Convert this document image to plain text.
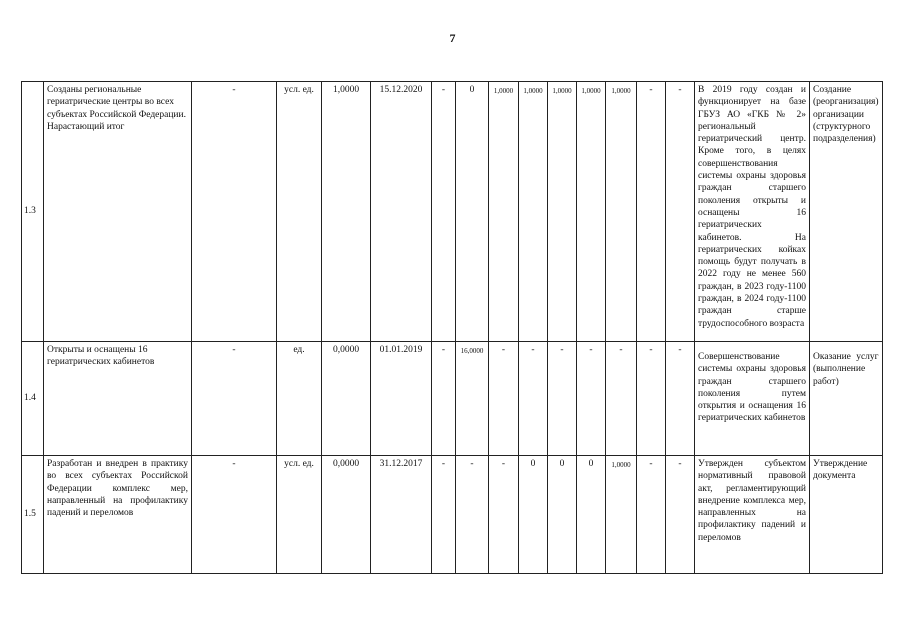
7
1.3	Созданы региональные гериатрические центры во всех субъектах Российской Федерации. Нарастающий итог	-	усл. ед.	1,0000	15.12.2020	-	0	1,0000	1,0000	1,0000	1,0000	1,0000	-	-	В 2019 году создан и функционирует на базе ГБУЗ АО «ГКБ № 2» региональный гериатрический центр. Кроме того, в целях совершенствования системы охраны здоровья граждан старшего поколения открыты и оснащены 16 гериатрических кабинетов. На гериатрических койках помощь будут получать в 2022 году не менее 560 граждан, в 2023 году-1100 граждан, в 2024 году-1100 граждан старше трудоспособного возраста	Создание (реорганизация) организации (структурного подразделения)
1.4	Открыты и оснащены 16 гериатрических кабинетов	-	ед.	0,0000	01.01.2019	-	16,0000	-	-	-	-	-	-	-	Совершенствование системы охраны здоровья граждан старшего поколения путем открытия и оснащения 16 гериатрических кабинетов	Оказание услуг (выполнение работ)
1.5	Разработан и внедрен в практику во всех субъектах Российской Федерации комплекс мер, направленный на профилактику падений и переломов	-	усл. ед.	0,0000	31.12.2017	-	-	-	0	0	0	1,0000	-	-	Утвержден субъектом нормативный правовой акт, регламентирующий внедрение комплекса мер, направленных на профилактику падений и переломов	Утверждение документа
